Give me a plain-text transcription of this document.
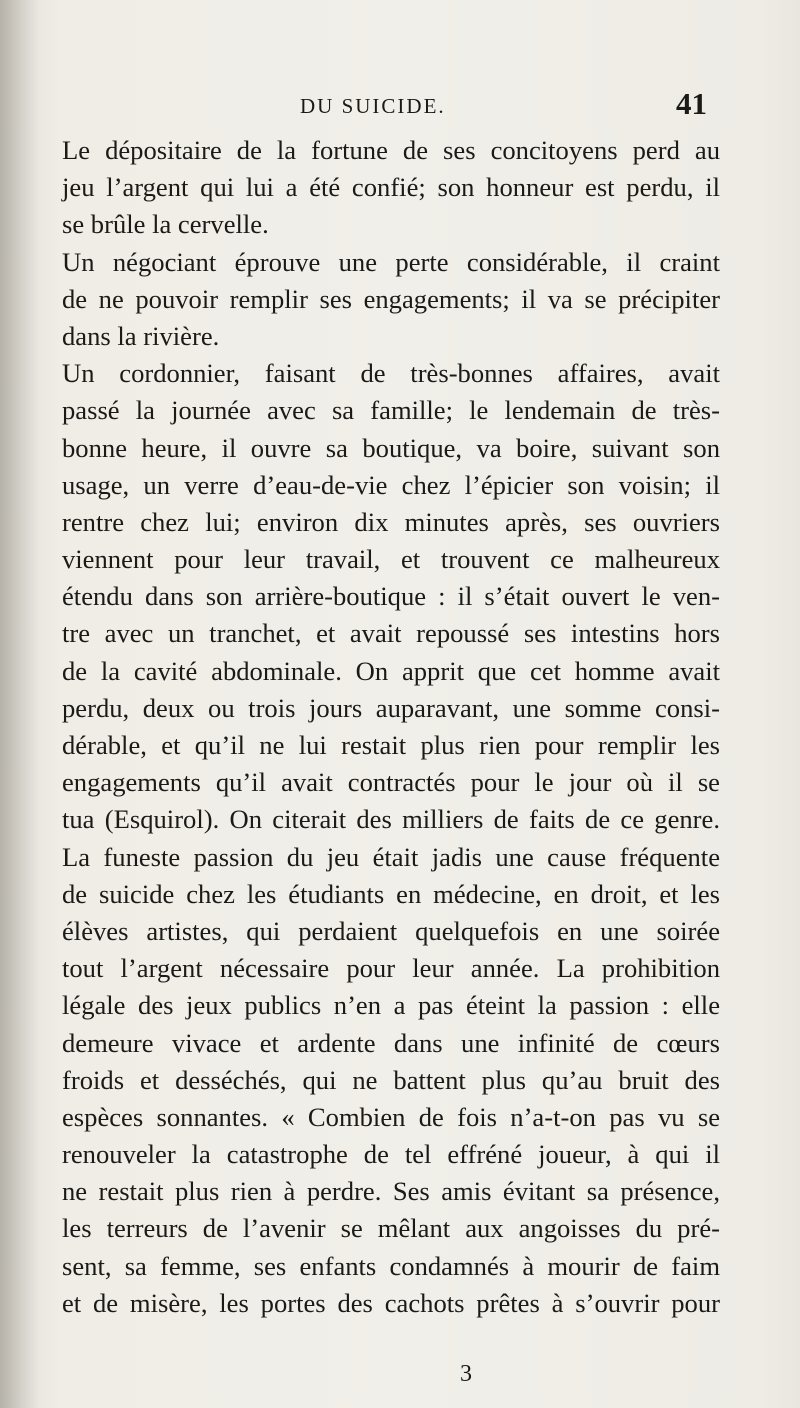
DU SUICIDE.	41
Le dépositaire de la fortune de ses concitoyens perd au
jeu l’argent qui lui a été confié; son honneur est perdu, il
se brûle la cervelle.
Un négociant éprouve une perte considérable, il craint
de ne pouvoir remplir ses engagements; il va se précipiter
dans la rivière.
Un cordonnier, faisant de très-bonnes affaires, avait
passé la journée avec sa famille; le lendemain de très-
bonne heure, il ouvre sa boutique, va boire, suivant son
usage, un verre d’eau-de-vie chez l’épicier son voisin; il
rentre chez lui; environ dix minutes après, ses ouvriers
viennent pour leur travail, et trouvent ce malheureux
étendu dans son arrière-boutique : il s’était ouvert le ven-
tre avec un tranchet, et avait repoussé ses intestins hors
de la cavité abdominale. On apprit que cet homme avait
perdu, deux ou trois jours auparavant, une somme consi-
dérable, et qu’il ne lui restait plus rien pour remplir les
engagements qu’il avait contractés pour le jour où il se
tua (Esquirol). On citerait des milliers de faits de ce genre.
La funeste passion du jeu était jadis une cause fréquente
de suicide chez les étudiants en médecine, en droit, et les
élèves artistes, qui perdaient quelquefois en une soirée
tout l’argent nécessaire pour leur année. La prohibition
légale des jeux publics n’en a pas éteint la passion : elle
demeure vivace et ardente dans une infinité de cœurs
froids et desséchés, qui ne battent plus qu’au bruit des
espèces sonnantes. « Combien de fois n’a-t-on pas vu se
renouveler la catastrophe de tel effréné joueur, à qui il
ne restait plus rien à perdre. Ses amis évitant sa présence,
les terreurs de l’avenir se mêlant aux angoisses du pré-
sent, sa femme, ses enfants condamnés à mourir de faim
et de misère, les portes des cachots prêtes à s’ouvrir pour
3
